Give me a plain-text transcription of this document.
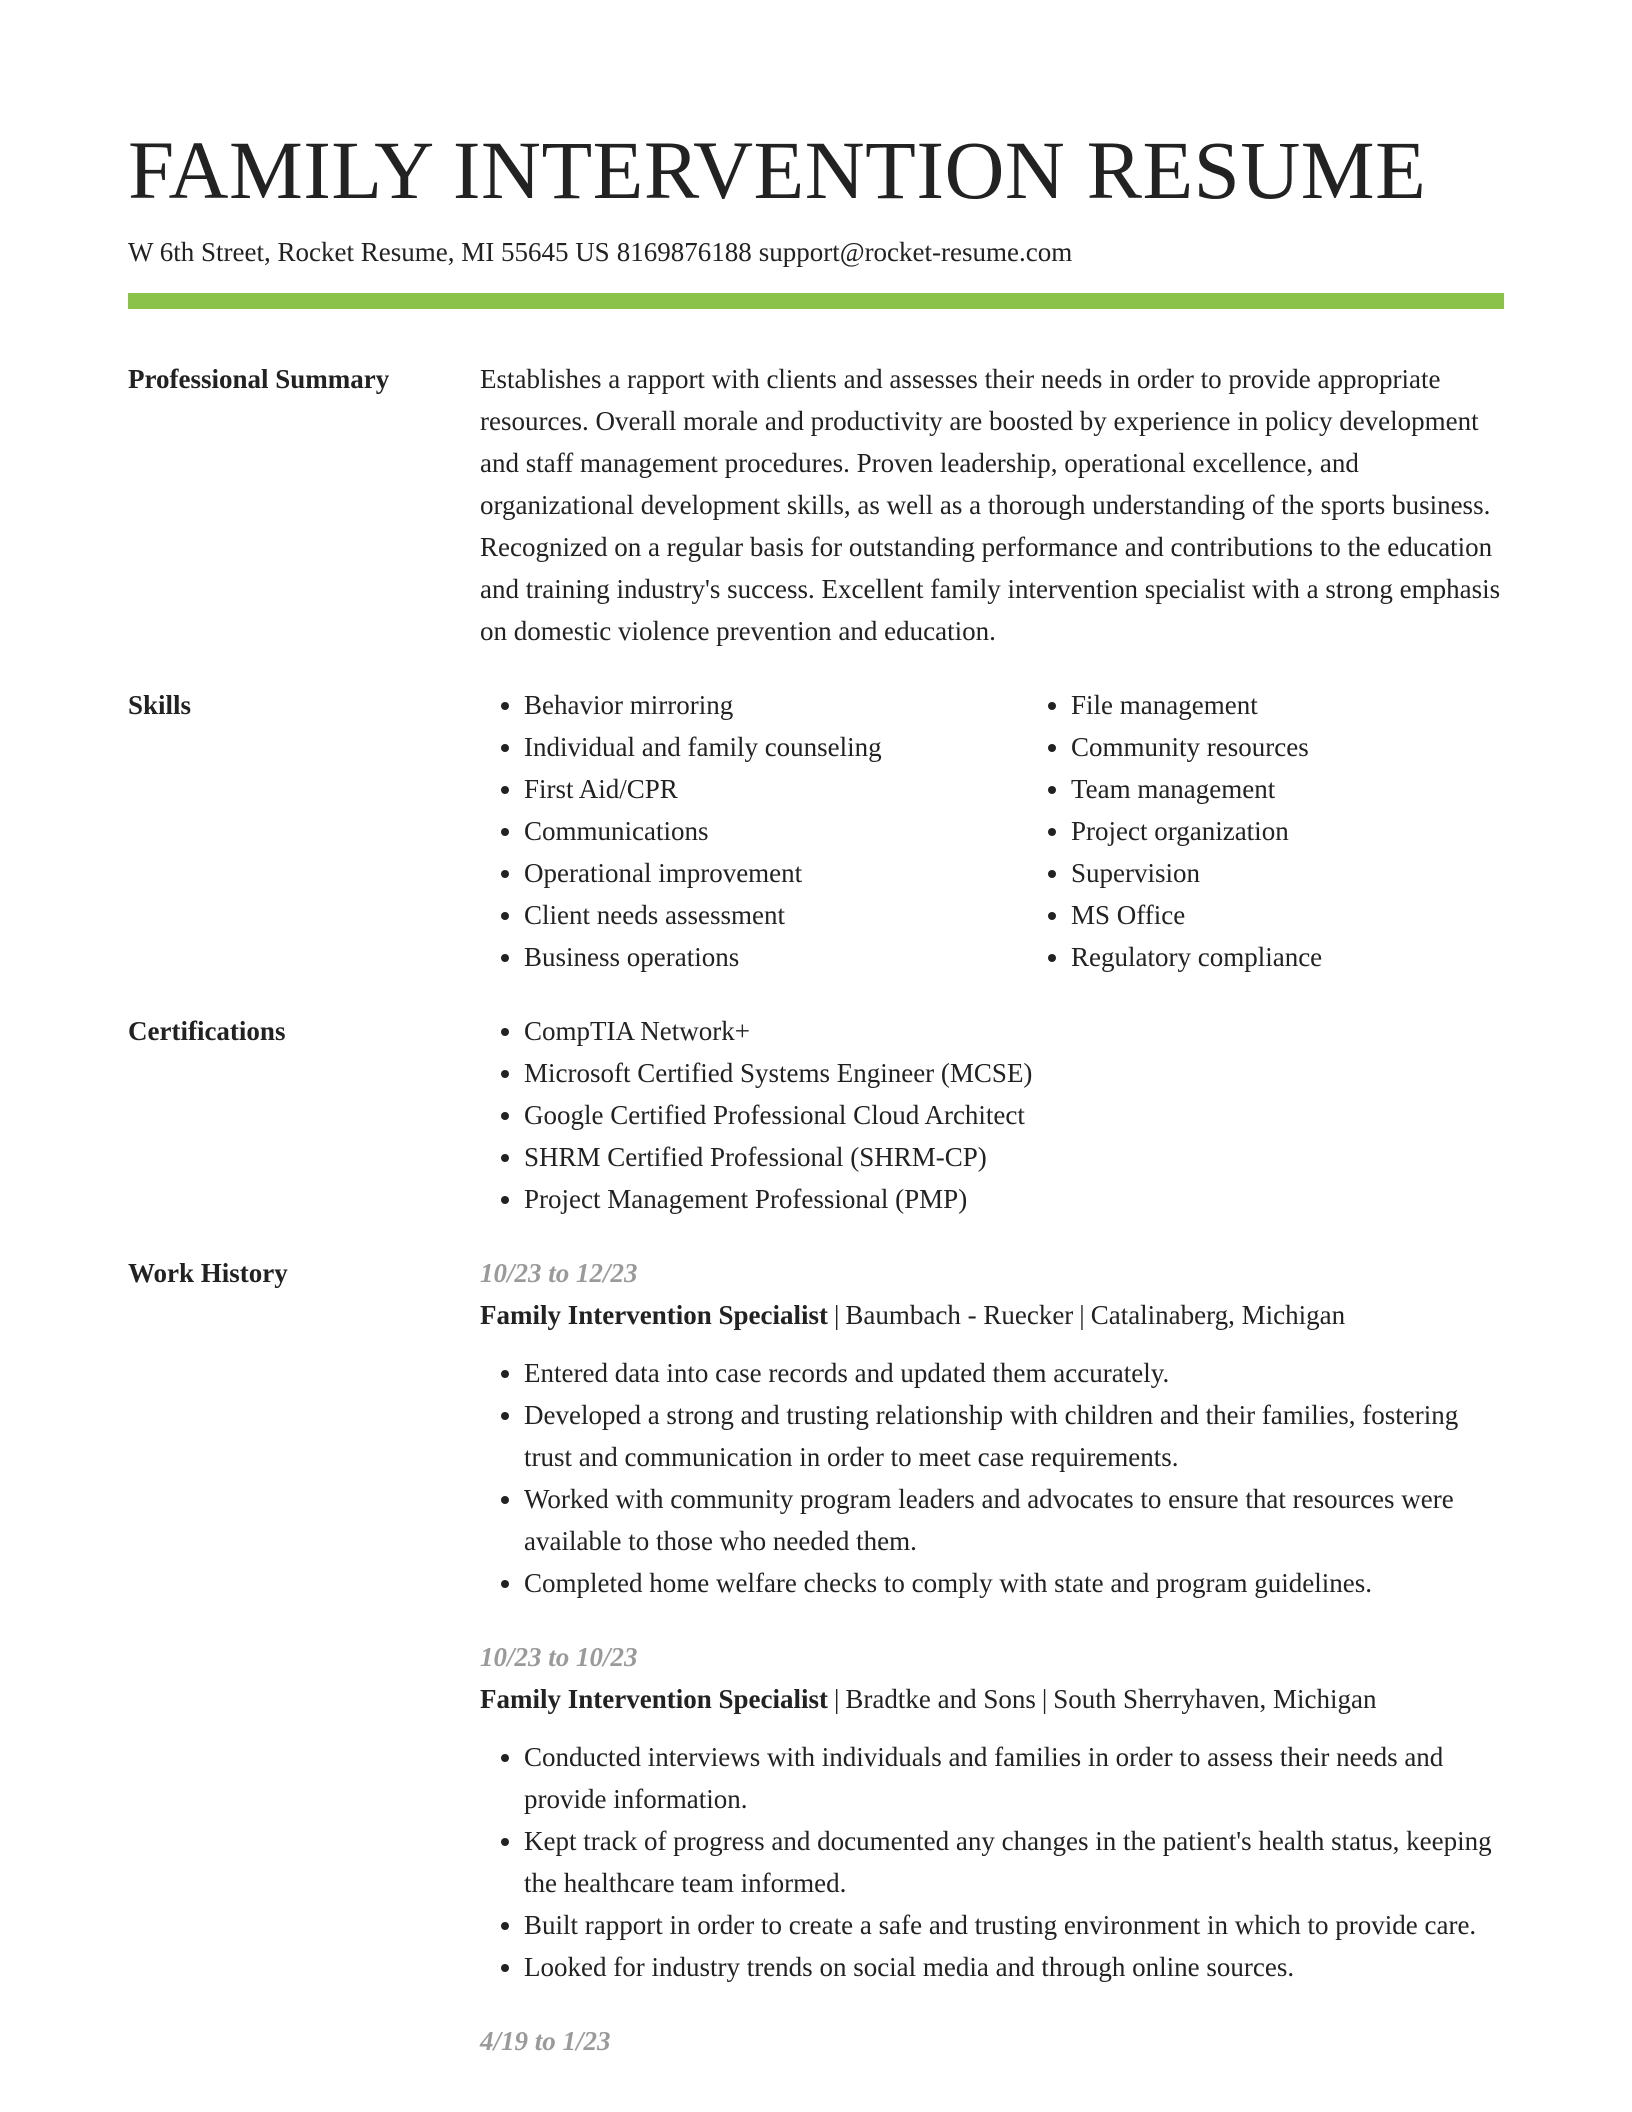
FAMILY INTERVENTION RESUME
W 6th Street, Rocket Resume, MI 55645 US 8169876188 support@rocket-resume.com
Professional Summary	Establishes a rapport with clients and assesses their needs in order to provide appropriate resources. Overall morale and productivity are boosted by experience in policy development and staff management procedures. Proven leadership, operational excellence, and organizational development skills, as well as a thorough understanding of the sports business. Recognized on a regular basis for outstanding performance and contributions to the education and training industry's success. Excellent family intervention specialist with a strong emphasis on domestic violence prevention and education.

Skills	• Behavior mirroring
• Individual and family counseling
• First Aid/CPR
• Communications
• Operational improvement
• Client needs assessment
• Business operations
• File management
• Community resources
• Team management
• Project organization
• Supervision
• MS Office
• Regulatory compliance
Certifications	• CompTIA Network+
• Microsoft Certified Systems Engineer (MCSE)
• Google Certified Professional Cloud Architect
• SHRM Certified Professional (SHRM-CP)
• Project Management Professional (PMP)
Work History	10/23 to 12/23
Family Intervention Specialist | Baumbach - Ruecker | Catalinaberg, Michigan
• Entered data into case records and updated them accurately.
• Developed a strong and trusting relationship with children and their families, fostering trust and communication in order to meet case requirements.
• Worked with community program leaders and advocates to ensure that resources were available to those who needed them.
• Completed home welfare checks to comply with state and program guidelines.
10/23 to 10/23
Family Intervention Specialist | Bradtke and Sons | South Sherryhaven, Michigan
• Conducted interviews with individuals and families in order to assess their needs and provide information.
• Kept track of progress and documented any changes in the patient's health status, keeping the healthcare team informed.
• Built rapport in order to create a safe and trusting environment in which to provide care.
• Looked for industry trends on social media and through online sources.
4/19 to 1/23
